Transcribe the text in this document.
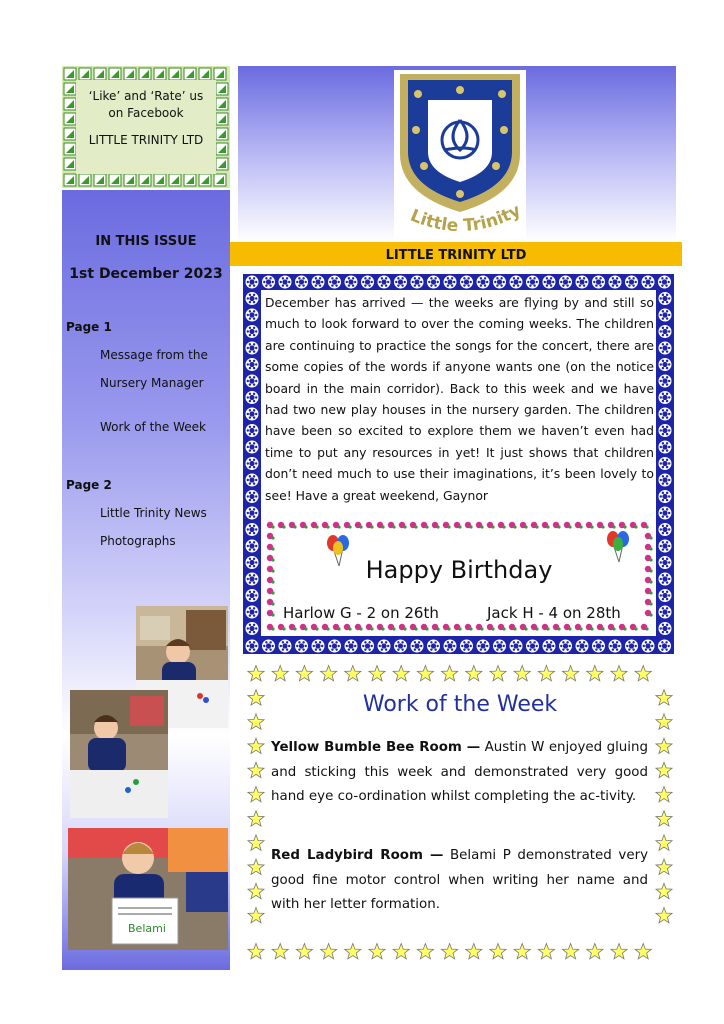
‘Like’ and ‘Rate’ us
on Facebook
LITTLE TRINITY LTD
IN THIS ISSUE
1st December 2023
Page 1
Message from the
Nursery Manager
Work of the Week
Page 2
Little Trinity News
Photographs
Belami
Little Trinity
LITTLE TRINITY LTD
December has arrived — the weeks are flying by and still so much to look forward to over the coming weeks. The children are continuing to practice the songs for the concert, there are some copies of the words if anyone wants one (on the notice board in the main corridor). Back to this week and we have had two new play houses in the nursery garden. The children have been so excited to explore them we haven’t even had time to put any resources in yet! It just shows that children don’t need much to use their imaginations, it’s been lovely to see! Have a great weekend, Gaynor
Happy Birthday
Harlow G - 2 on 26th	Jack H - 4 on 28th
Work of the Week
Yellow Bumble Bee Room — Austin W enjoyed gluing and sticking this week and demonstrated very good hand eye co-ordination whilst completing the ac-tivity.
Red Ladybird Room — Belami P demonstrated very good fine motor control when writing her name and with her letter formation.
